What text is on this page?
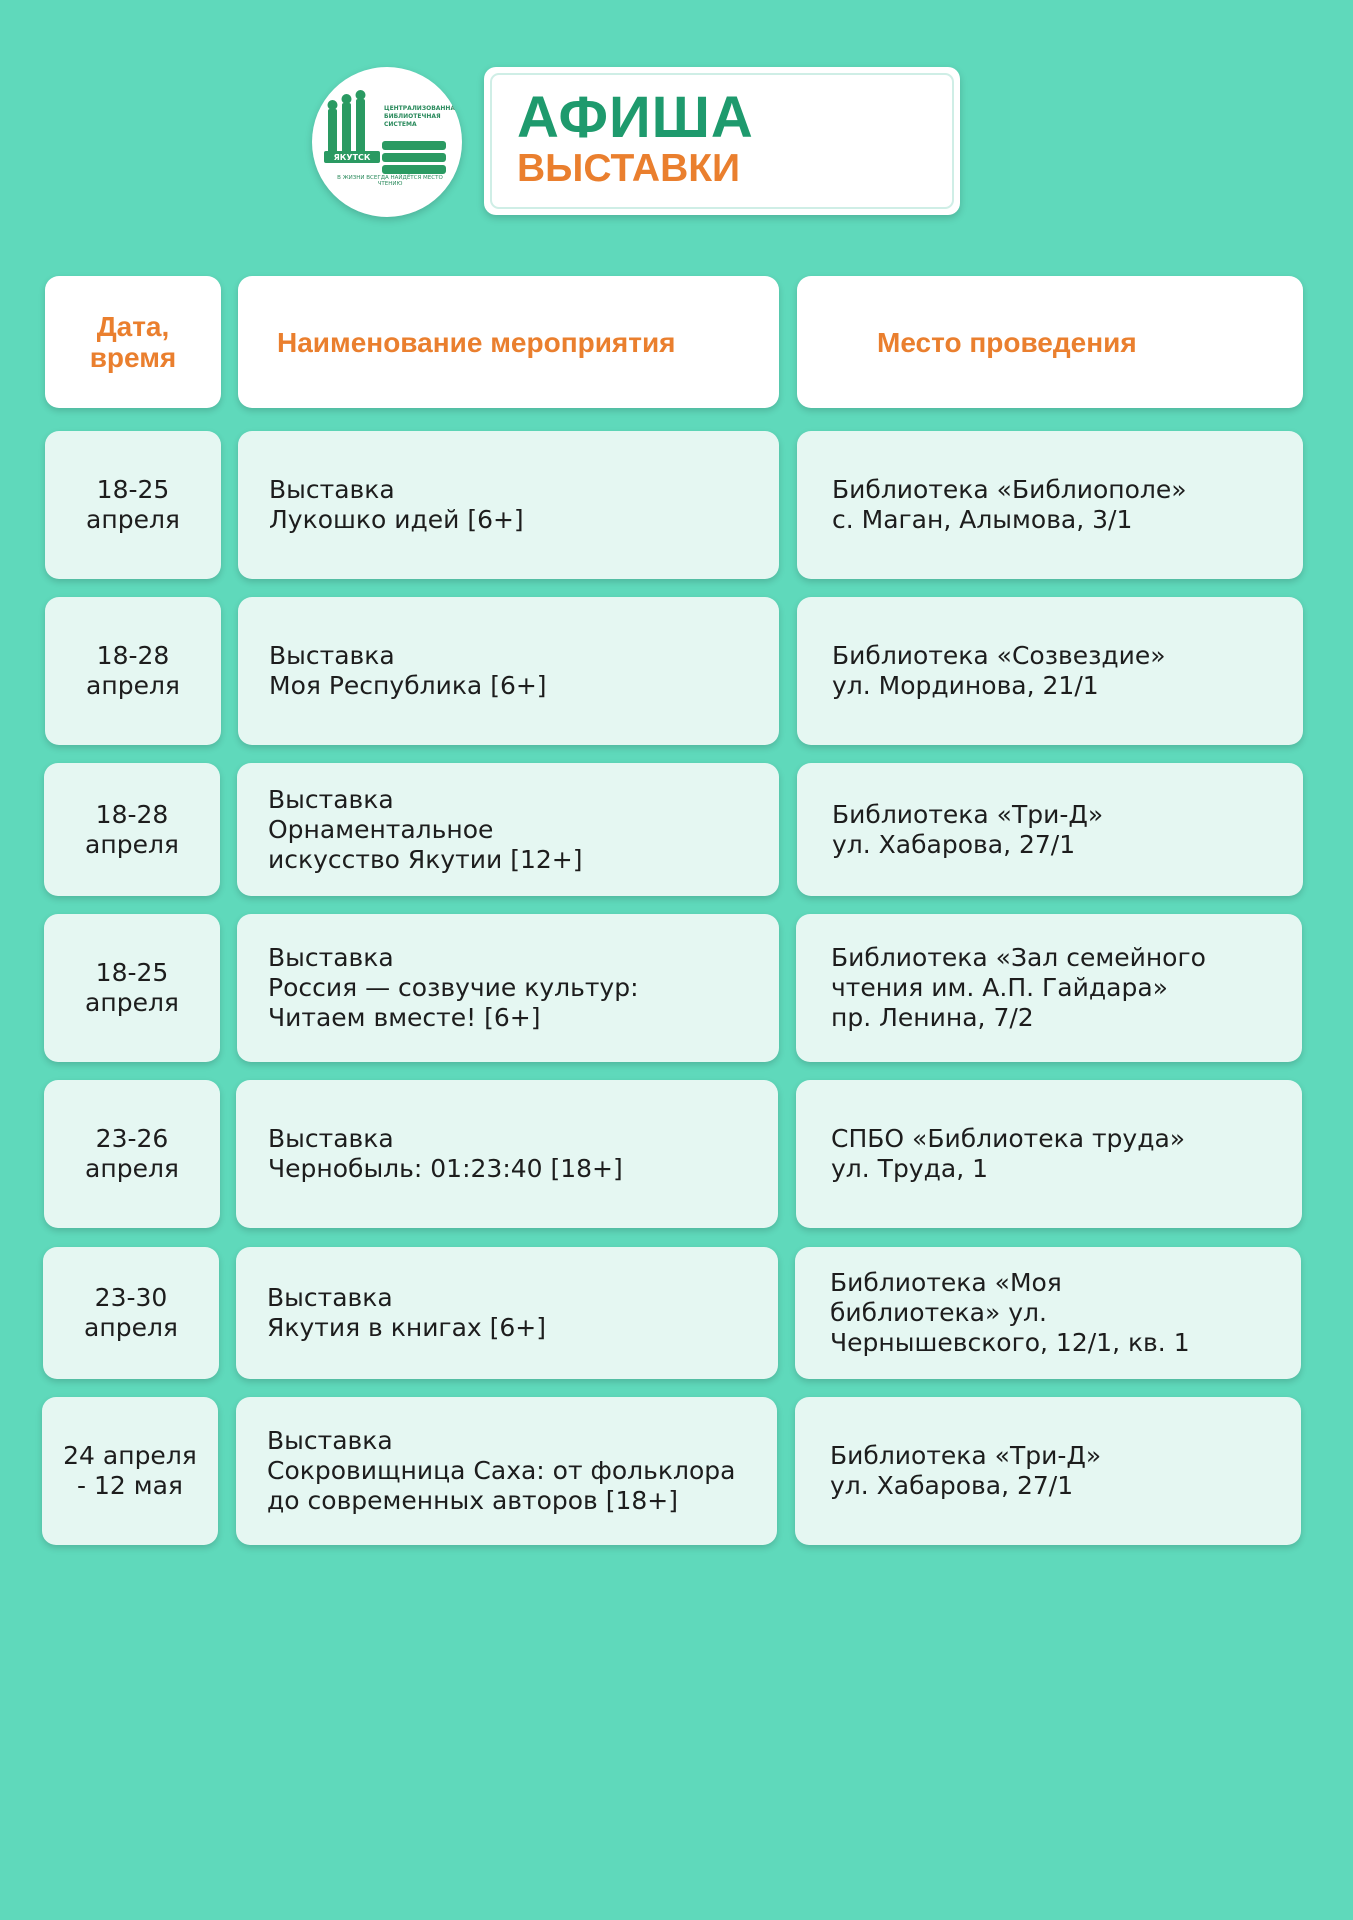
ЯКУТСК
ЦЕНТРАЛИЗОВАННАЯ
БИБЛИОТЕЧНАЯ
СИСТЕМА
В ЖИЗНИ ВСЕГДА НАЙДЁТСЯ МЕСТО ЧТЕНИЮ
АФИША
ВЫСТАВКИ
Дата,
время	Наименование мероприятия	Место проведения
18-25
апреля
Выставка
Лукошко идей [6+]
Библиотека «Библиополе»
с. Маган, Алымова, 3/1
18-28
апреля
Выставка
Моя Республика [6+]
Библиотека «Созвездие»
ул. Мординова, 21/1
18-28
апреля
Выставка
Орнаментальное
искусство Якутии [12+]
Библиотека «Три-Д»
ул. Хабарова, 27/1
18-25
апреля
Выставка
Россия — созвучие культур:
Читаем вместе! [6+]
Библиотека «Зал семейного
чтения им. А.П. Гайдара»
пр. Ленина, 7/2
23-26
апреля
Выставка
Чернобыль: 01:23:40 [18+]
СПБО «Библиотека труда»
ул. Труда, 1
23-30
апреля
Выставка
Якутия в книгах [6+]
Библиотека «Моя
библиотека» ул.
Чернышевского, 12/1, кв. 1
24 апреля
- 12 мая
Выставка
Сокровищница Саха: от фольклора
до современных авторов [18+]
Библиотека «Три-Д»
ул. Хабарова, 27/1
